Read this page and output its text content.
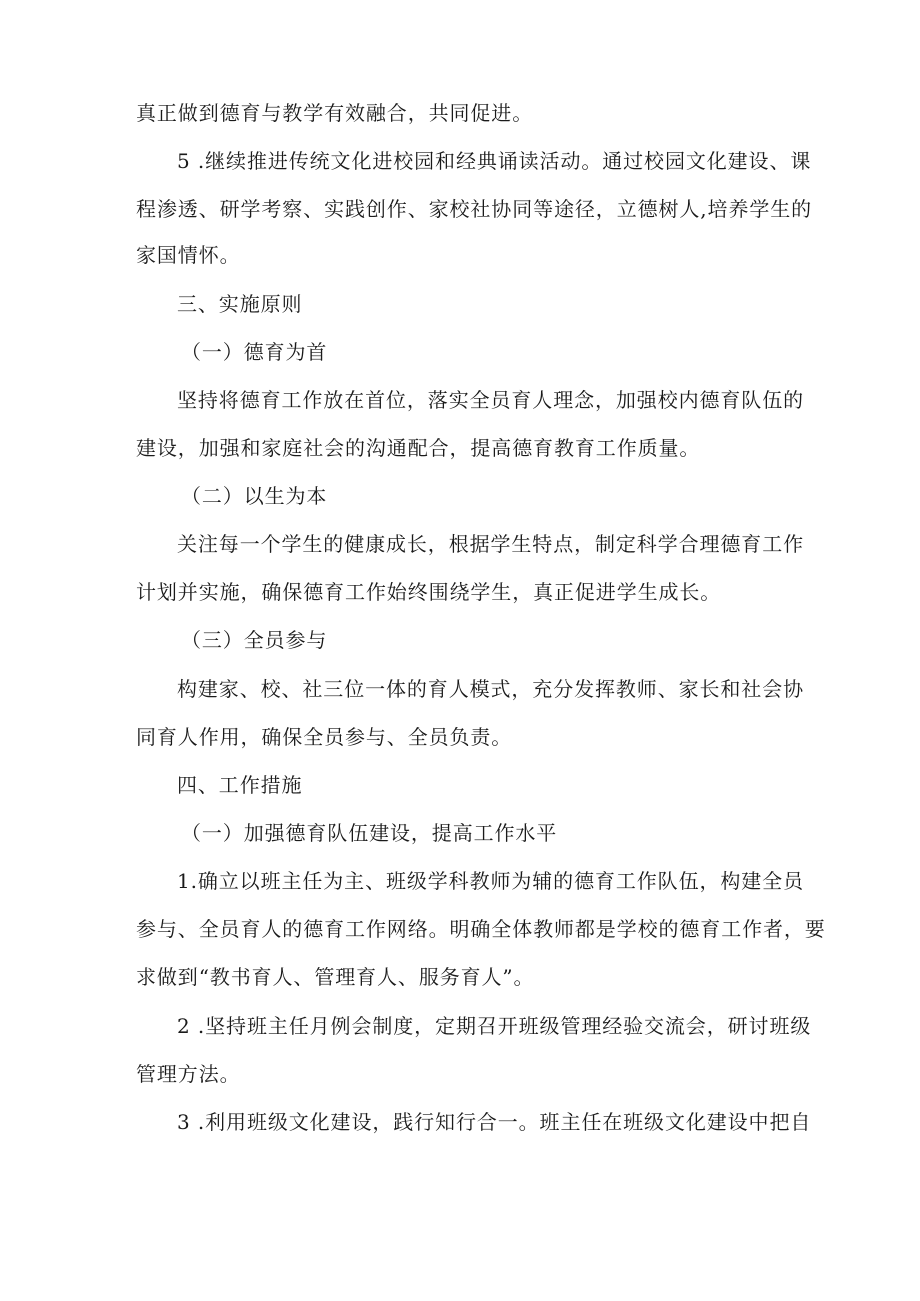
真正做到德育与教学有效融合，共同促进。
5 .继续推进传统文化进校园和经典诵读活动。通过校园文化建设、课
程渗透、研学考察、实践创作、家校社协同等途径，立德树人,培养学生的
家国情怀。
三、实施原则
（一）德育为首
坚持将德育工作放在首位，落实全员育人理念，加强校内德育队伍的
建设，加强和家庭社会的沟通配合，提高德育教育工作质量。
（二）以生为本
关注每一个学生的健康成长，根据学生特点，制定科学合理德育工作
计划并实施，确保德育工作始终围绕学生，真正促进学生成长。
（三）全员参与
构建家、校、社三位一体的育人模式，充分发挥教师、家长和社会协
同育人作用，确保全员参与、全员负责。
四、工作措施
（一）加强德育队伍建设，提高工作水平
1.确立以班主任为主、班级学科教师为辅的德育工作队伍，构建全员
参与、全员育人的德育工作网络。明确全体教师都是学校的德育工作者，要
求做到“教书育人、管理育人、服务育人”。
2 .坚持班主任月例会制度，定期召开班级管理经验交流会，研讨班级
管理方法。
3 .利用班级文化建设，践行知行合一。班主任在班级文化建设中把自
